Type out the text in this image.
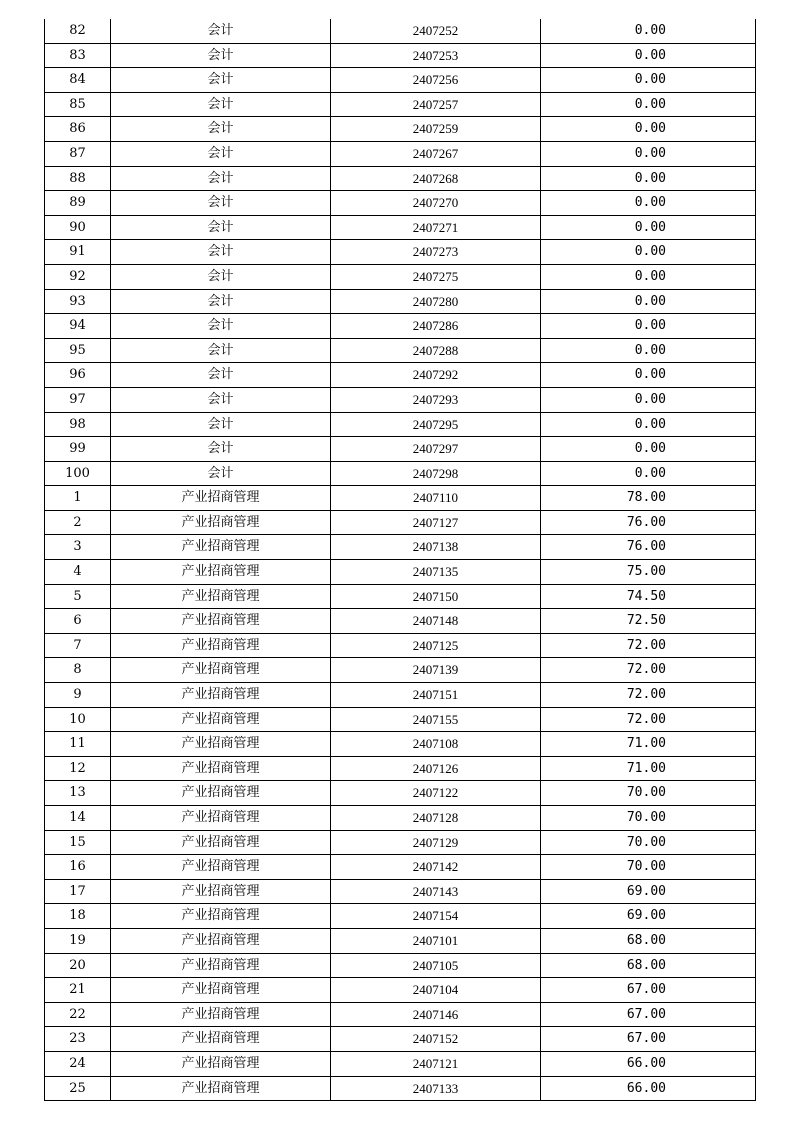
82	会计	2407252	0.00
83	会计	2407253	0.00
84	会计	2407256	0.00
85	会计	2407257	0.00
86	会计	2407259	0.00
87	会计	2407267	0.00
88	会计	2407268	0.00
89	会计	2407270	0.00
90	会计	2407271	0.00
91	会计	2407273	0.00
92	会计	2407275	0.00
93	会计	2407280	0.00
94	会计	2407286	0.00
95	会计	2407288	0.00
96	会计	2407292	0.00
97	会计	2407293	0.00
98	会计	2407295	0.00
99	会计	2407297	0.00
100	会计	2407298	0.00
1	产业招商管理	2407110	78.00
2	产业招商管理	2407127	76.00
3	产业招商管理	2407138	76.00
4	产业招商管理	2407135	75.00
5	产业招商管理	2407150	74.50
6	产业招商管理	2407148	72.50
7	产业招商管理	2407125	72.00
8	产业招商管理	2407139	72.00
9	产业招商管理	2407151	72.00
10	产业招商管理	2407155	72.00
11	产业招商管理	2407108	71.00
12	产业招商管理	2407126	71.00
13	产业招商管理	2407122	70.00
14	产业招商管理	2407128	70.00
15	产业招商管理	2407129	70.00
16	产业招商管理	2407142	70.00
17	产业招商管理	2407143	69.00
18	产业招商管理	2407154	69.00
19	产业招商管理	2407101	68.00
20	产业招商管理	2407105	68.00
21	产业招商管理	2407104	67.00
22	产业招商管理	2407146	67.00
23	产业招商管理	2407152	67.00
24	产业招商管理	2407121	66.00
25	产业招商管理	2407133	66.00
